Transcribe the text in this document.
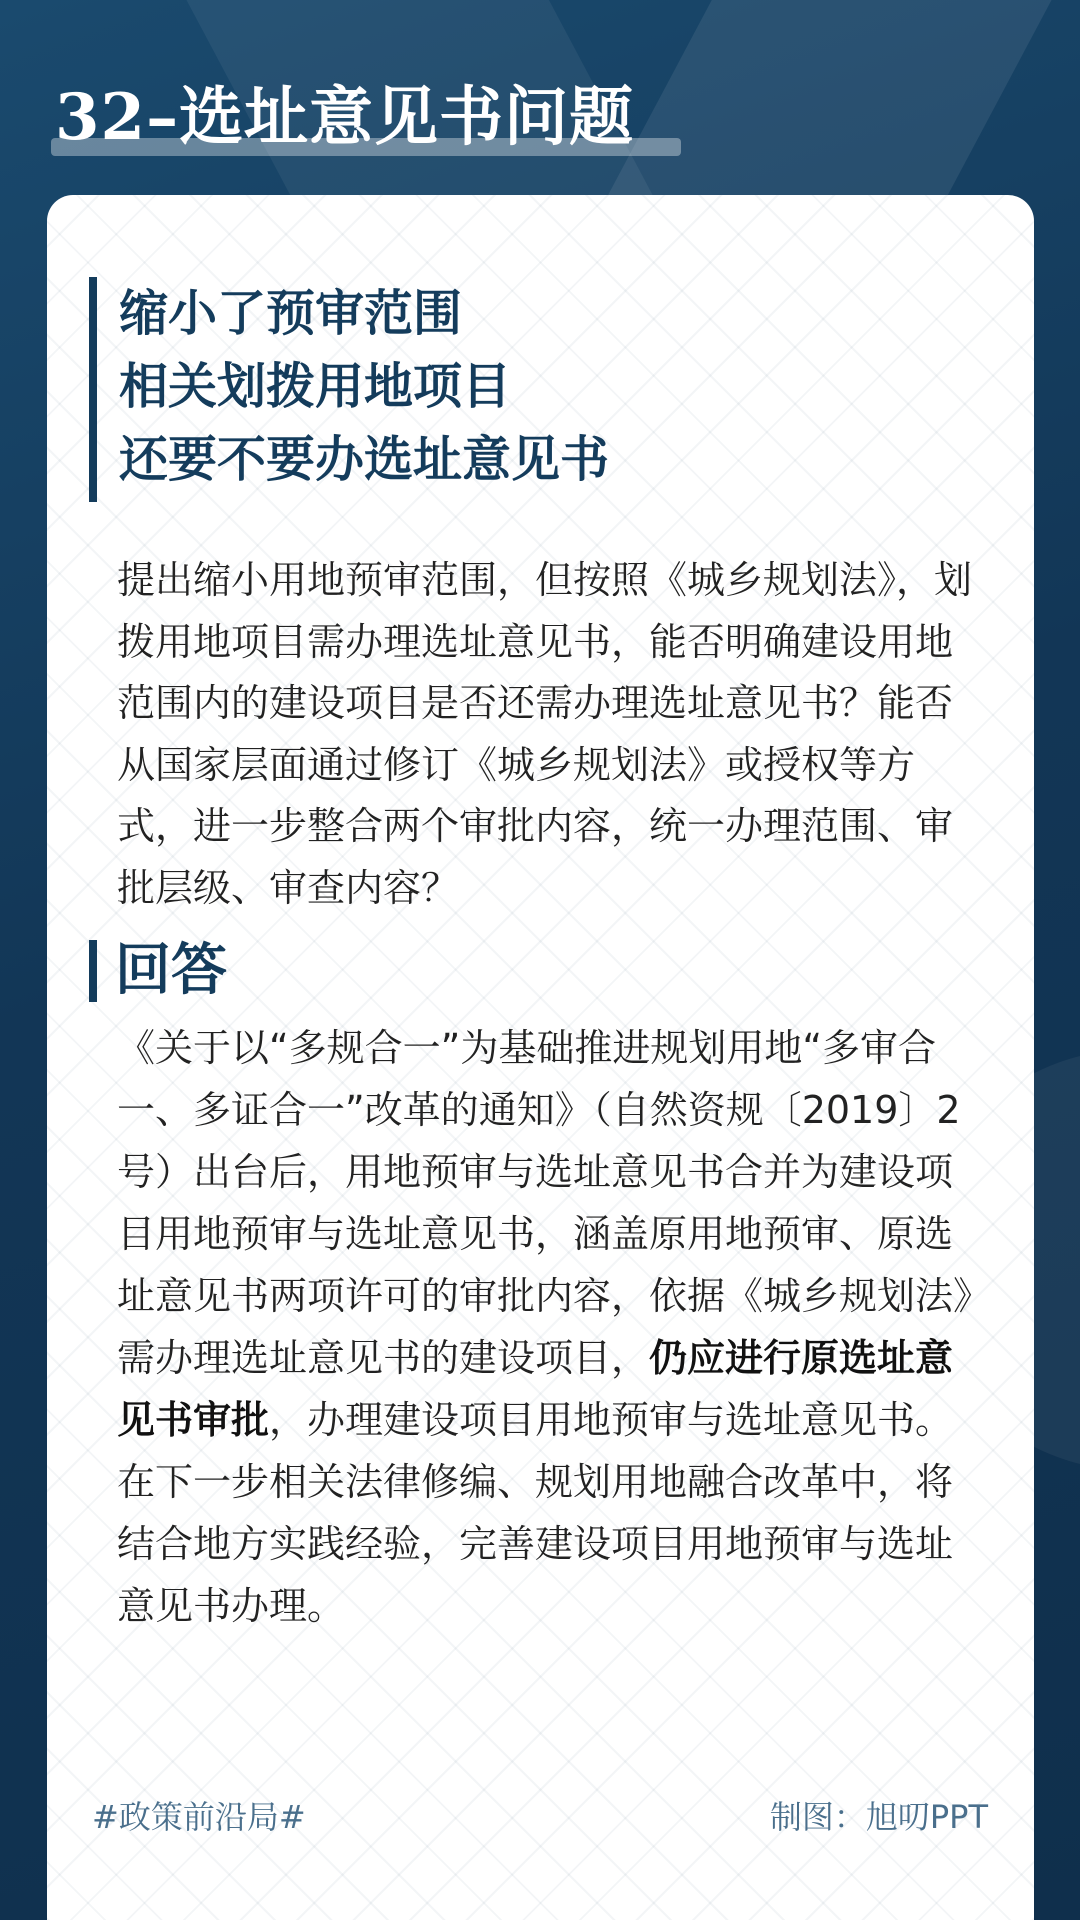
32–选址意见书问题
缩小了预审范围
相关划拨用地项目
还要不要办选址意见书
提出缩小用地预审范围，但按照《城乡规划法》，划拨用地项目需办理选址意见书，能否明确建设用地范围内的建设项目是否还需办理选址意见书？能否从国家层面通过修订《城乡规划法》或授权等方式，进一步整合两个审批内容，统一办理范围、审批层级、审查内容？
回答
《关于以“多规合一”为基础推进规划用地“多审合一、多证合一”改革的通知》（自然资规〔2019〕2号）出台后，用地预审与选址意见书合并为建设项目用地预审与选址意见书，涵盖原用地预审、原选址意见书两项许可的审批内容，依据《城乡规划法》需办理选址意见书的建设项目，仍应进行原选址意见书审批，办理建设项目用地预审与选址意见书。
在下一步相关法律修编、规划用地融合改革中，将结合地方实践经验，完善建设项目用地预审与选址意见书办理。
#政策前沿局#	制图：旭叨PPT
